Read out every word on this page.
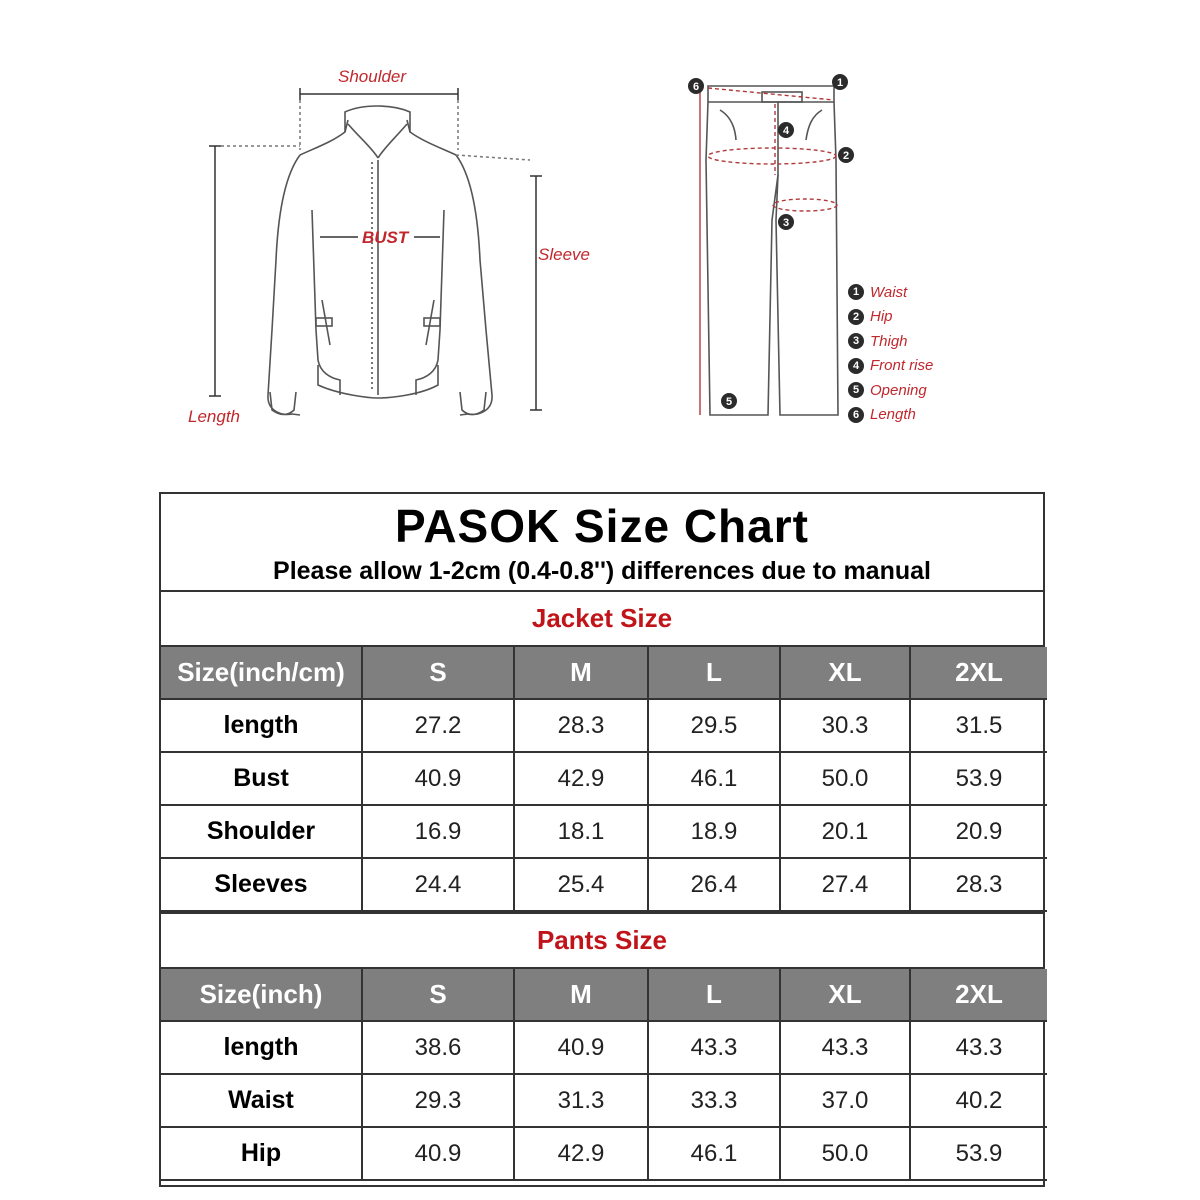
Shoulder
BUST
Sleeve
Length
6	1
4
2
3
5
1 Waist
2 Hip
3 Thigh
4 Front rise
5 Opening
6 Length
PASOK Size Chart
Please allow 1-2cm (0.4-0.8'') differences due to manual
Jacket Size
Size(inch/cm)	S	M	L	XL	2XL
length	27.2	28.3	29.5	30.3	31.5
Bust	40.9	42.9	46.1	50.0	53.9
Shoulder	16.9	18.1	18.9	20.1	20.9
Sleeves	24.4	25.4	26.4	27.4	28.3
Pants Size
Size(inch)	S	M	L	XL	2XL
length	38.6	40.9	43.3	43.3	43.3
Waist	29.3	31.3	33.3	37.0	40.2
Hip	40.9	42.9	46.1	50.0	53.9
